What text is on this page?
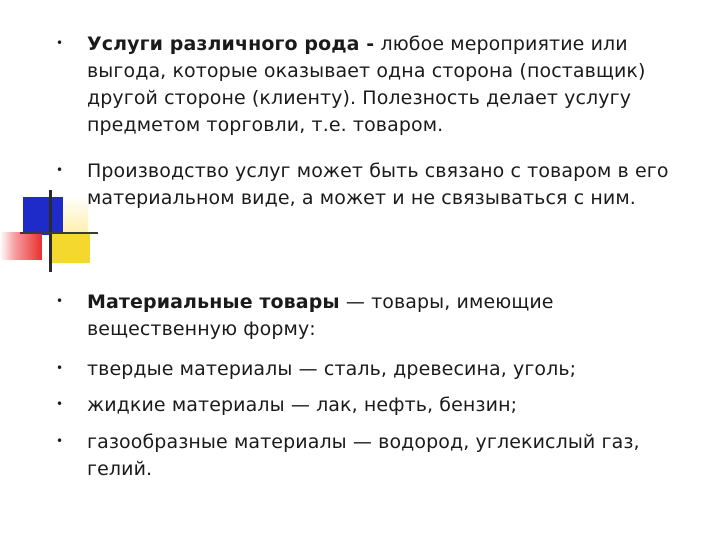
• Услуги различного рода - любое мероприятие или выгода, которые оказывает одна сторона (поставщик) другой стороне (клиенту). Полезность делает услугу предметом торговли, т.е. товаром.
• Производство услуг может быть связано с товаром в его материальном виде, а может и не связываться с ним.
• Материальные товары — товары, имеющие вещественную форму:
• твердые материалы — сталь, древесина, уголь;
• жидкие материалы — лак, нефть, бензин;
• газообразные материалы — водород, углекислый газ, гелий.
